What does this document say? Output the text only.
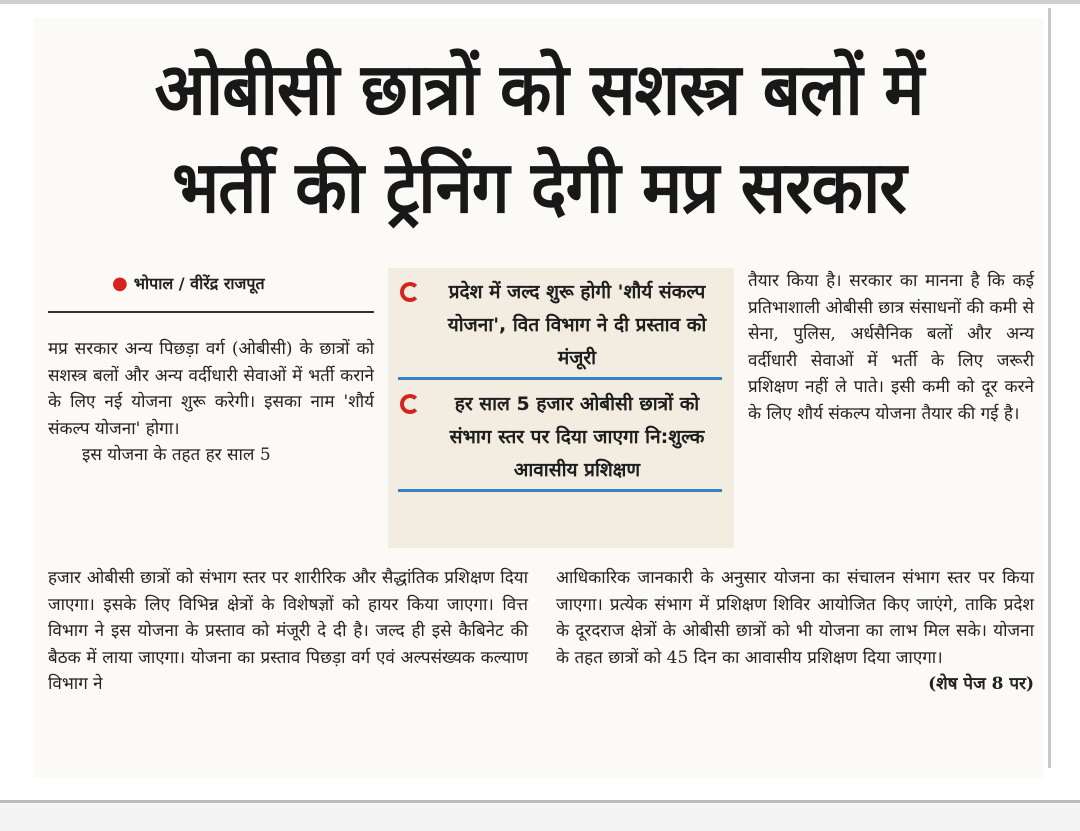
ओबीसी छात्रों को सशस्त्र बलों में
भर्ती की ट्रेनिंग देगी मप्र सरकार
● भोपाल / वीरेंद्र राजपूत

मप्र सरकार अन्य पिछड़ा वर्ग (ओबीसी) के छात्रों को सशस्त्र बलों और अन्य वर्दीधारी सेवाओं में भर्ती कराने के लिए नई योजना शुरू करेगी। इसका नाम 'शौर्य संकल्प योजना' होगा।

इस योजना के तहत हर साल 5

प्रदेश में जल्द शुरू होगी 'शौर्य संकल्प योजना', वित विभाग ने दी प्रस्ताव को मंजूरी
हर साल 5 हजार ओबीसी छात्रों को संभाग स्तर पर दिया जाएगा नि:शुल्क आवासीय प्रशिक्षण

तैयार किया है। सरकार का मानना है कि कई प्रतिभाशाली ओबीसी छात्र संसाधनों की कमी से सेना, पुलिस, अर्धसैनिक बलों और अन्य वर्दीधारी सेवाओं में भर्ती के लिए जरूरी प्रशिक्षण नहीं ले पाते। इसी कमी को दूर करने के लिए शौर्य संकल्प योजना तैयार की गई है।

हजार ओबीसी छात्रों को संभाग स्तर पर शारीरिक और सैद्धांतिक प्रशिक्षण दिया जाएगा। इसके लिए विभिन्न क्षेत्रों के विशेषज्ञों को हायर किया जाएगा। वित्त विभाग ने इस योजना के प्रस्ताव को मंजूरी दे दी है। जल्द ही इसे कैबिनेट की बैठक में लाया जाएगा। योजना का प्रस्ताव पिछड़ा वर्ग एवं अल्पसंख्यक कल्याण विभाग ने

आधिकारिक जानकारी के अनुसार योजना का संचालन संभाग स्तर पर किया जाएगा। प्रत्येक संभाग में प्रशिक्षण शिविर आयोजित किए जाएंगे, ताकि प्रदेश के दूरदराज क्षेत्रों के ओबीसी छात्रों को भी योजना का लाभ मिल सके। योजना के तहत छात्रों को 45 दिन का आवासीय प्रशिक्षण दिया जाएगा।
(शेष पेज 8 पर)
